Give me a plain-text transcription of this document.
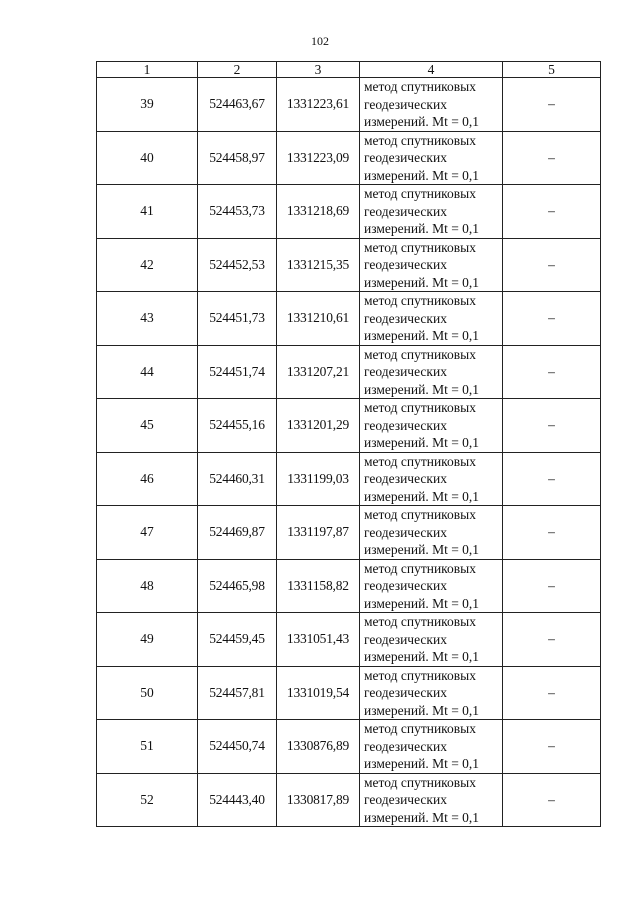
102
1	2	3	4	5
39	524463,67	1331223,61	метод спутниковых
геодезических
измерений. Mt = 0,1	–
40	524458,97	1331223,09	метод спутниковых
геодезических
измерений. Mt = 0,1	–
41	524453,73	1331218,69	метод спутниковых
геодезических
измерений. Mt = 0,1	–
42	524452,53	1331215,35	метод спутниковых
геодезических
измерений. Mt = 0,1	–
43	524451,73	1331210,61	метод спутниковых
геодезических
измерений. Mt = 0,1	–
44	524451,74	1331207,21	метод спутниковых
геодезических
измерений. Mt = 0,1	–
45	524455,16	1331201,29	метод спутниковых
геодезических
измерений. Mt = 0,1	–
46	524460,31	1331199,03	метод спутниковых
геодезических
измерений. Mt = 0,1	–
47	524469,87	1331197,87	метод спутниковых
геодезических
измерений. Mt = 0,1	–
48	524465,98	1331158,82	метод спутниковых
геодезических
измерений. Mt = 0,1	–
49	524459,45	1331051,43	метод спутниковых
геодезических
измерений. Mt = 0,1	–
50	524457,81	1331019,54	метод спутниковых
геодезических
измерений. Mt = 0,1	–
51	524450,74	1330876,89	метод спутниковых
геодезических
измерений. Mt = 0,1	–
52	524443,40	1330817,89	метод спутниковых
геодезических
измерений. Mt = 0,1	–
